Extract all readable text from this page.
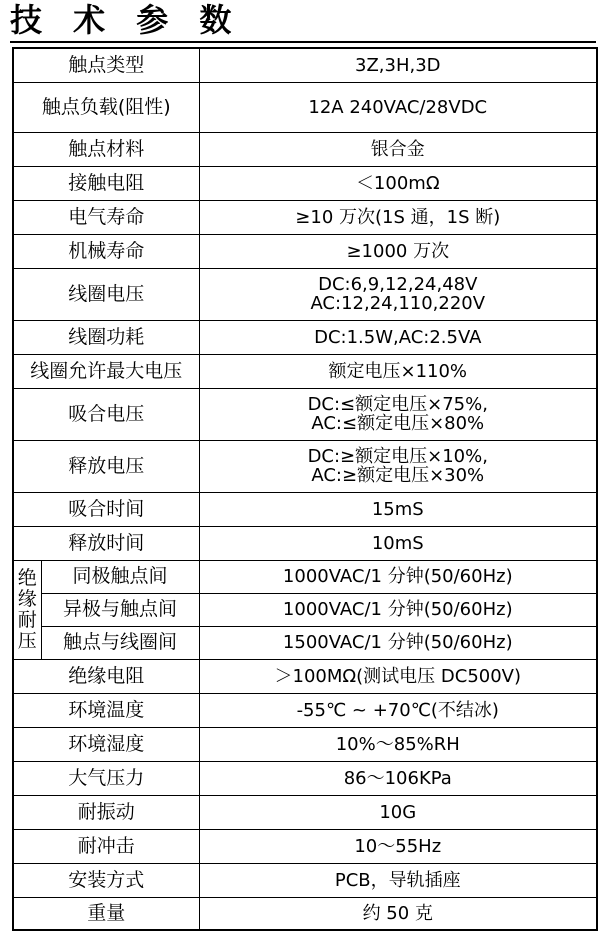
技 术 参 数
触点类型		3Z,3H,3D
触点负载(阻性)		12A 240VAC/28VDC
触点材料		银合金
接触电阻		＜100mΩ
电气寿命		≥10 万次(1S 通，1S 断)
机械寿命		≥1000 万次
线圈电压		DC:6,9,12,24,48V
AC:12,24,110,220V

线圈功耗		DC:1.5W,AC:2.5VA
线圈允许最大电压		额定电压×110%
吸合电压		DC:≤额定电压×75%,
AC:≤额定电压×80%

释放电压		DC:≥额定电压×10%,
AC:≥额定电压×30%

吸合时间		15mS
释放时间		10mS

绝
缘
耐
压	同极触点间	1000VAC/1 分钟(50/60Hz)
	异极与触点间	1000VAC/1 分钟(50/60Hz)
	触点与线圈间	1500VAC/1 分钟(50/60Hz)
绝缘电阻		＞100MΩ(测试电压 DC500V)
环境温度		-55℃ ~ +70℃(不结冰)
环境湿度		10%～85%RH
大气压力		86～106KPa
耐振动		10G
耐冲击		10～55Hz
安装方式		PCB，导轨插座
重量		约 50 克
